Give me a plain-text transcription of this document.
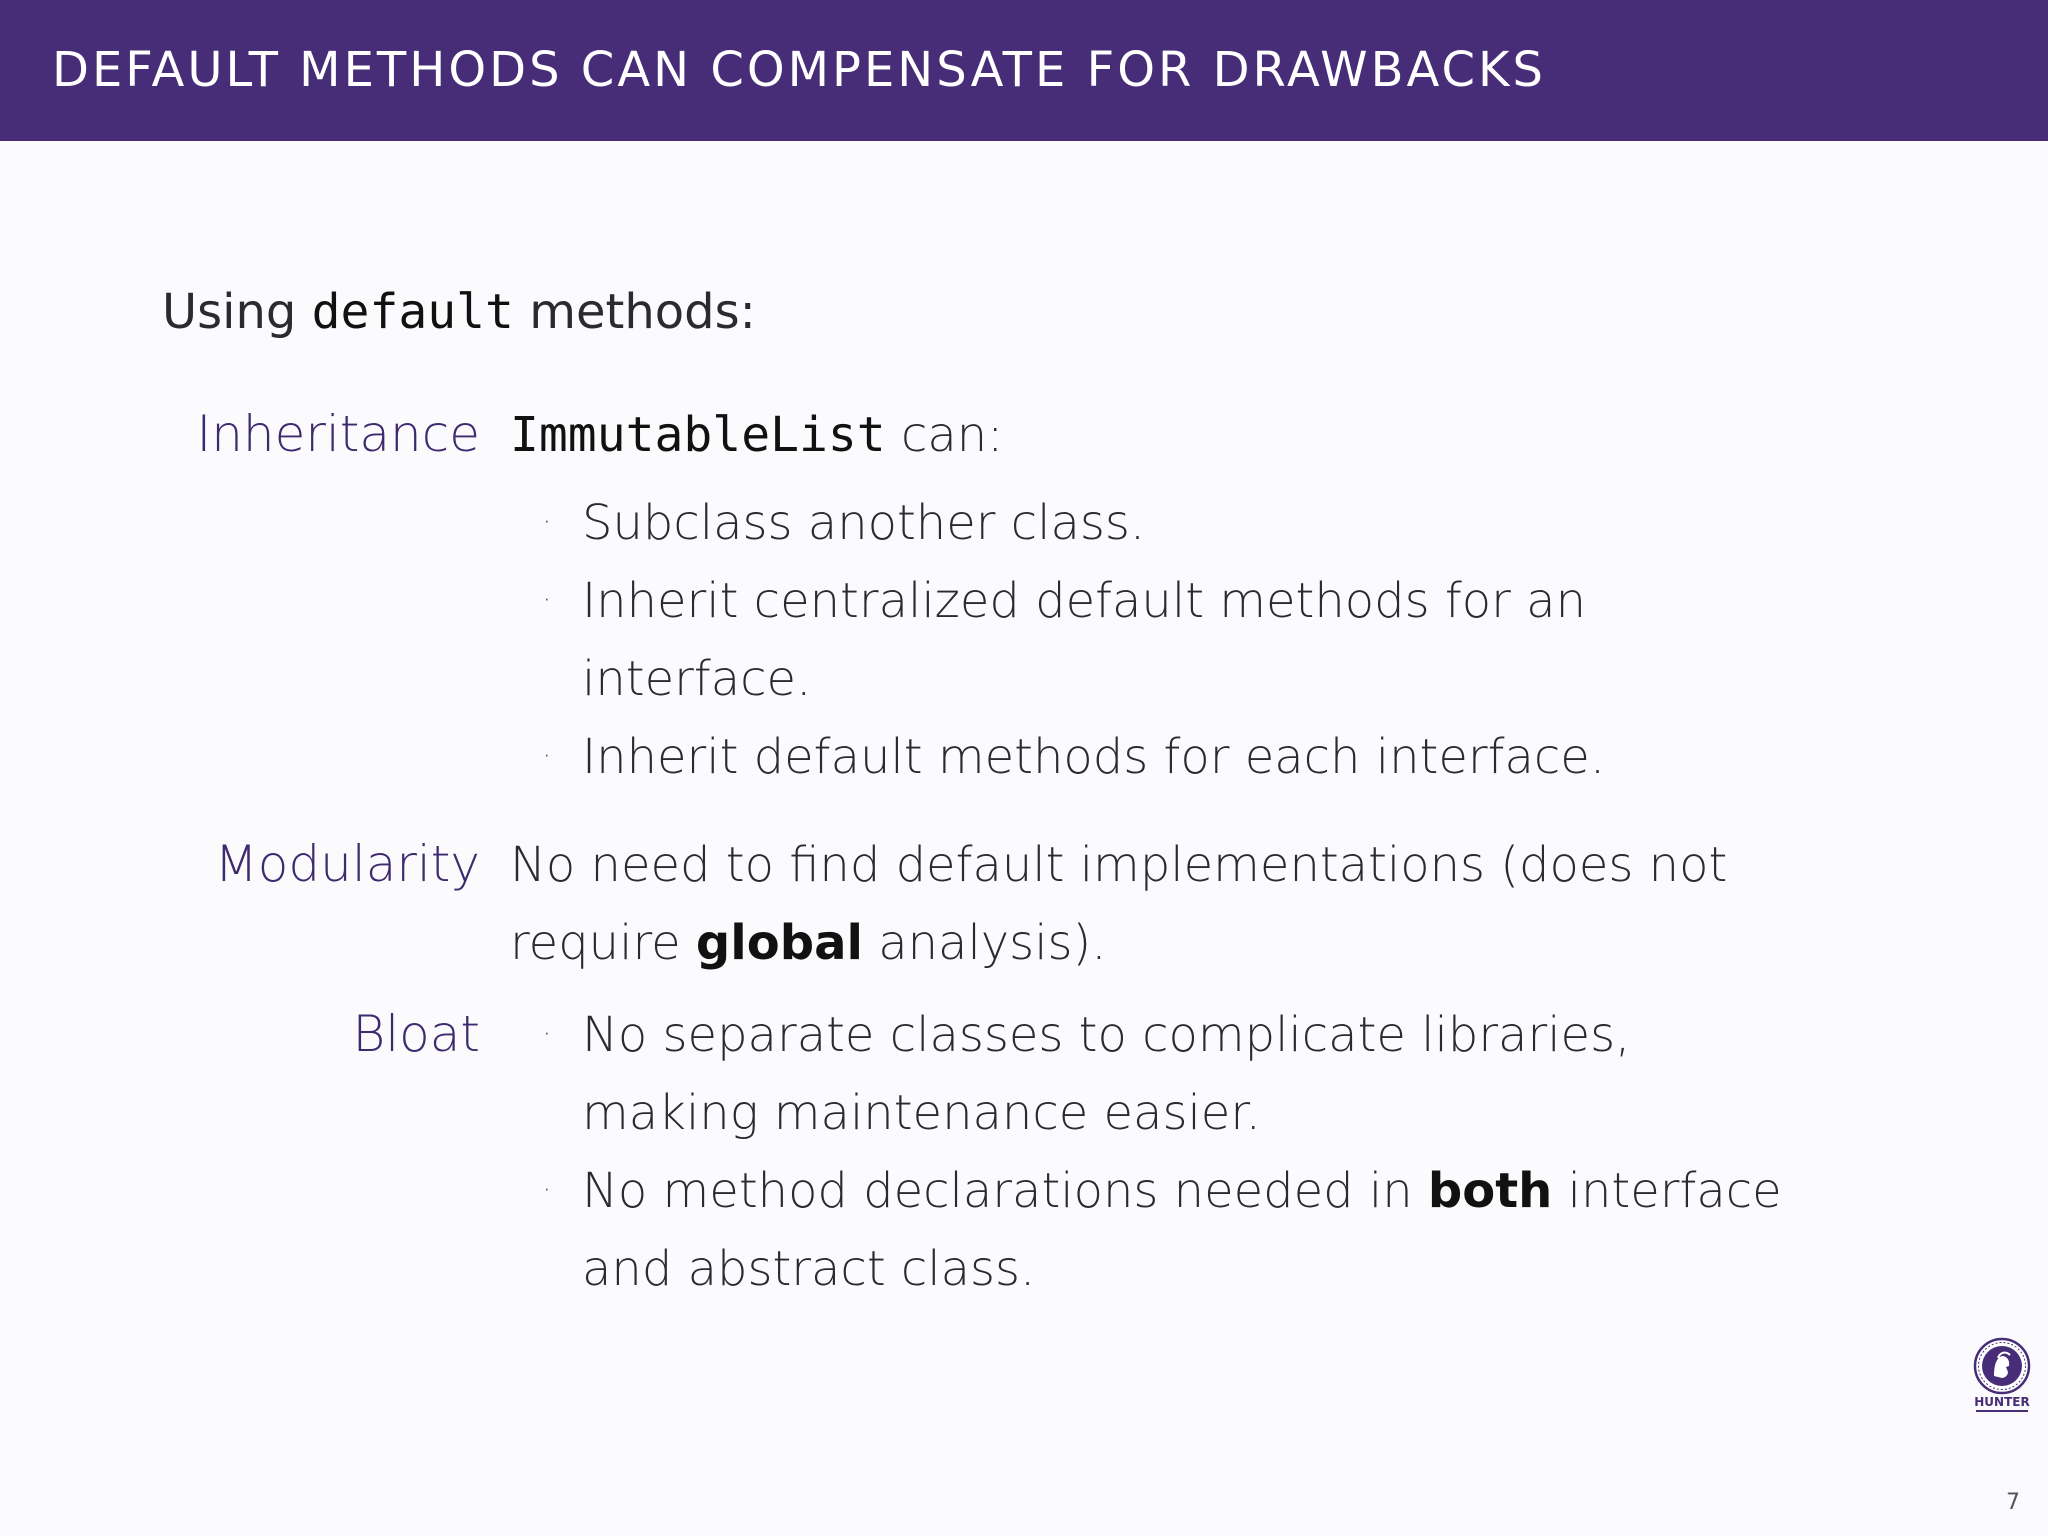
DEFAULT METHODS CAN COMPENSATE FOR DRAWBACKS
Using default methods:
Inheritance ImmutableList can:
· Subclass another class.
· Inherit centralized default methods for an
interface.
· Inherit default methods for each interface.
Modularity No need to find default implementations (does not
require global analysis).
Bloat · No separate classes to complicate libraries,
making maintenance easier.
· No method declarations needed in both interface
and abstract class.
HUNTER
7
